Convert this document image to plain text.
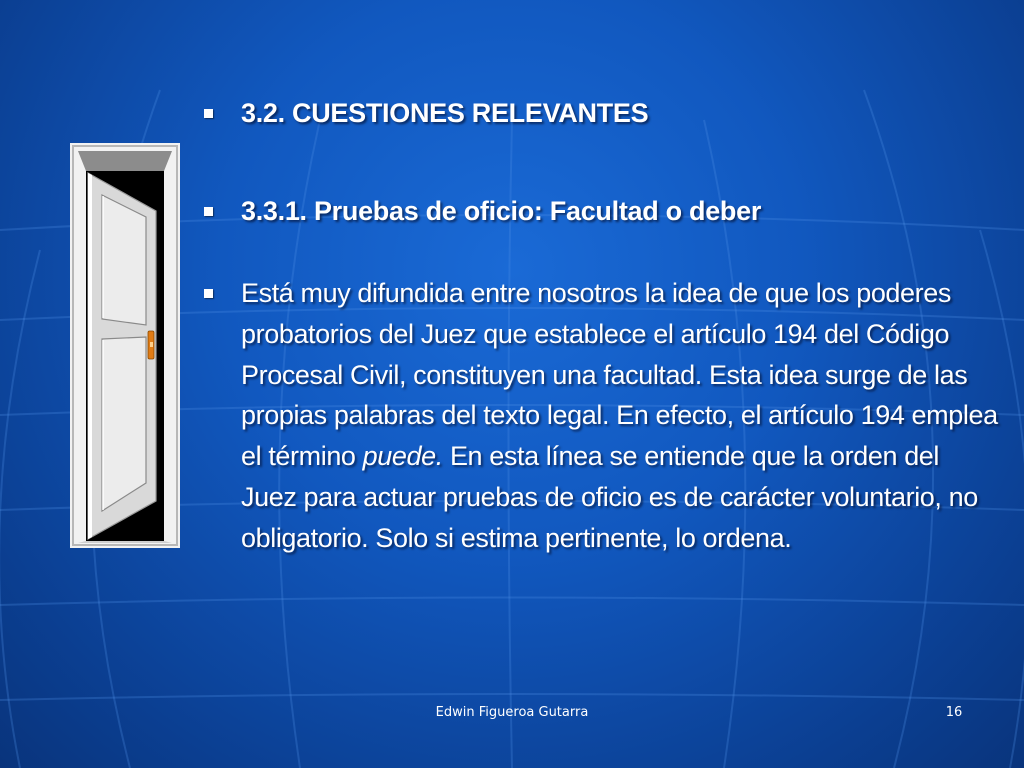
3.2. CUESTIONES RELEVANTES
3.3.1. Pruebas de oficio: Facultad o deber
Está muy difundida entre nosotros la idea de que los poderes probatorios del Juez que establece el artículo 194 del Código Procesal Civil, constituyen una facultad. Esta idea surge de las propias palabras del texto legal. En efecto, el artículo 194 emplea el término puede. En esta línea se entiende que la orden del Juez para actuar pruebas de oficio es de carácter voluntario, no obligatorio. Solo si estima pertinente, lo ordena.
Edwin Figueroa Gutarra	16
